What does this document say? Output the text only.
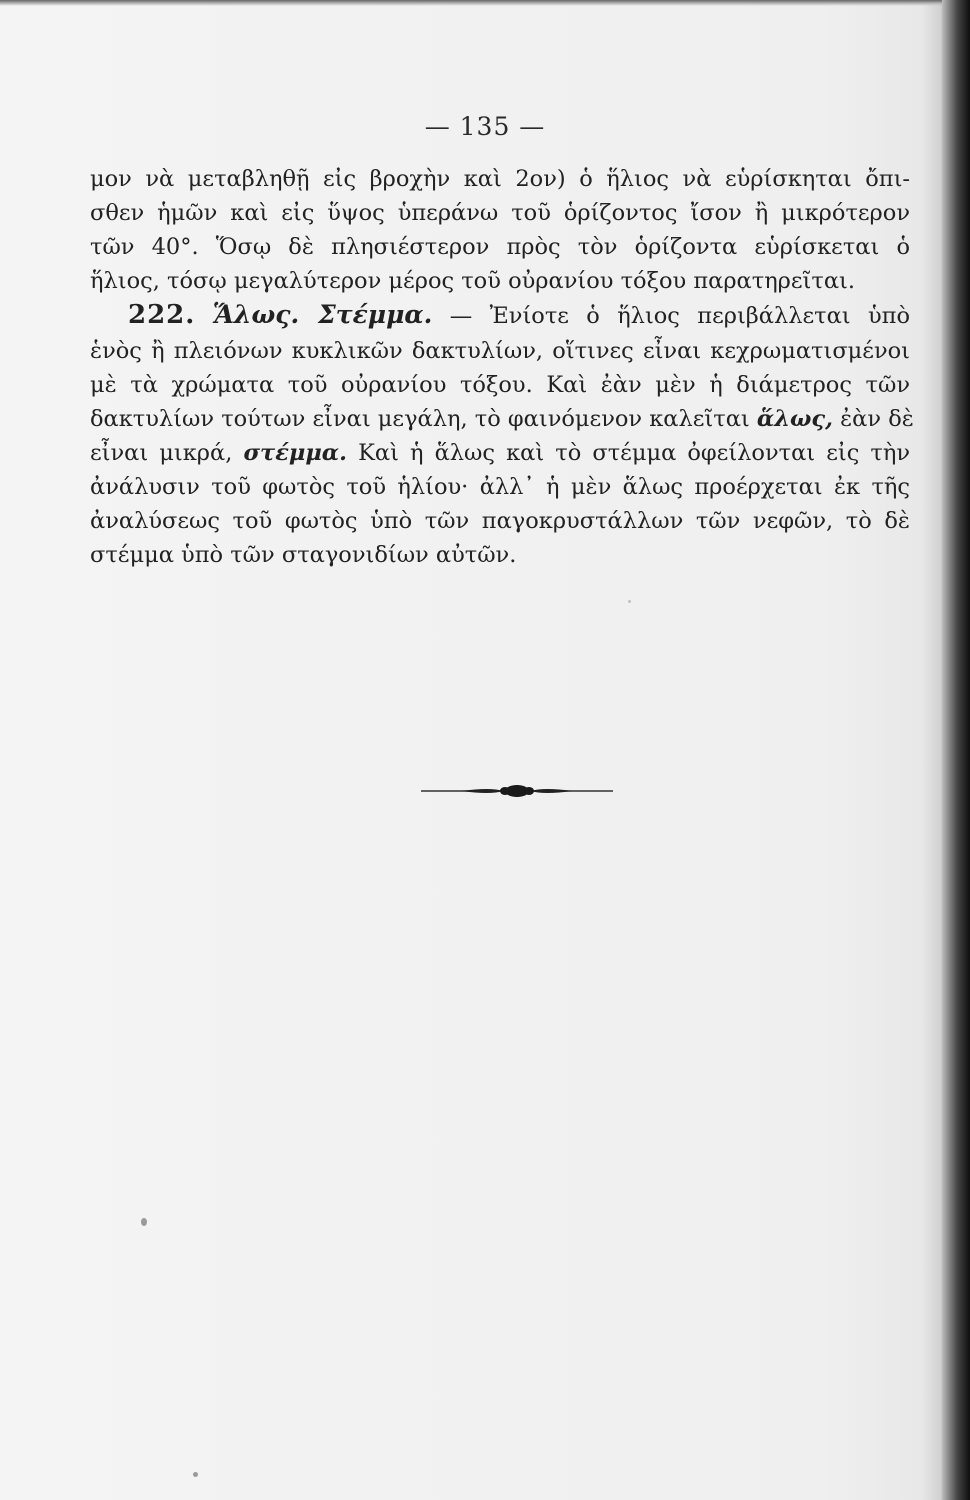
— 135 —
μον νὰ μεταβληθῇ εἰς βροχὴν καὶ 2ον) ὁ ἥλιος νὰ εὑρίσκηται ὄπι-
σθεν ἡμῶν καὶ εἰς ὕψος ὑπεράνω τοῦ ὁρίζοντος ἴσον ἢ μικρότερον
τῶν 40°. Ὅσῳ δὲ πλησιέστερον πρὸς τὸν ὁρίζοντα εὑρίσκεται ὁ
ἥλιος, τόσῳ μεγαλύτερον μέρος τοῦ οὐρανίου τόξου παρατηρεῖται.
222. Ἅλως. Στέμμα. — Ἐνίοτε ὁ ἥλιος περιβάλλεται ὑπὸ
ἑνὸς ἢ πλειόνων κυκλικῶν δακτυλίων, οἵτινες εἶναι κεχρωματισμένοι
μὲ τὰ χρώματα τοῦ οὐρανίου τόξου. Καὶ ἐὰν μὲν ἡ διάμετρος τῶν
δακτυλίων τούτων εἶναι μεγάλη, τὸ φαινόμενον καλεῖται ἅλως, ἐὰν δὲ
εἶναι μικρά, στέμμα. Καὶ ἡ ἅλως καὶ τὸ στέμμα ὀφείλονται εἰς τὴν
ἀνάλυσιν τοῦ φωτὸς τοῦ ἡλίου· ἀλλ᾽ ἡ μὲν ἅλως προέρχεται ἐκ τῆς
ἀναλύσεως τοῦ φωτὸς ὑπὸ τῶν παγοκρυστάλλων τῶν νεφῶν, τὸ δὲ
στέμμα ὑπὸ τῶν σταγονιδίων αὐτῶν.
